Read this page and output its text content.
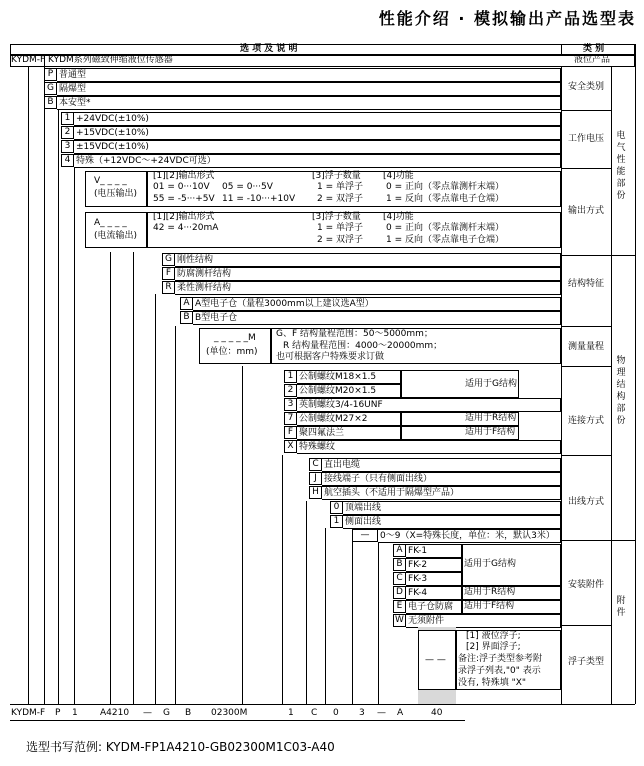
性能介绍 · 模拟输出产品选型表
选 项 及 说 明	类 别
KYDM-F KYDM系列磁致伸缩液位传感器	液位产品
电
气
性
能
部
份
物
理
结
构
部
份
附
件
安全类别
工作电压
输出方式
结构特征
测量量程
连接方式
出线方式
安装附件
浮子类型
P 普通型
G 隔爆型
B 本安型*
1 +24VDC(±10%)
2 +15VDC(±10%)
3 ±15VDC(±10%)
4 特殊（+12VDC～+24VDC可选）
V_ _ _ _
(电压输出)
[1][2]输出形式
01 = 0···10V 05 = 0···5V
55 = -5···+5V 11 = -10···+10V
[3]浮子数量
1 = 单浮子
2 = 双浮子
[4]功能
0 = 正向（零点靠测杆末端）
1 = 反向（零点靠电子仓端）
A_ _ _ _
(电流输出)
[1][2]输出形式
42 = 4···20mA
[3]浮子数量
1 = 单浮子
2 = 双浮子
[4]功能
0 = 正向（零点靠测杆末端）
1 = 反向（零点靠电子仓端）
G 刚性结构
F 防腐测杆结构
R 柔性测杆结构
A A型电子仓（量程3000mm以上建议选A型）
B B型电子仓
_ _ _ _ _M
(单位：mm)
G、F 结构量程范围：50～5000mm；
R 结构量程范围：4000～20000mm；
也可根据客户特殊要求订做
1 公制螺纹M18×1.5
2 公制螺纹M20×1.5
3 英制螺纹3/4-16UNF
7 公制螺纹M27×2
F 聚四氟法兰
X 特殊螺纹
适用于G结构
适用于R结构
适用于F结构
C 直出电缆
J 接线端子（只有侧面出线）
H 航空插头（不适用于隔爆型产品）
0 顶端出线
1 侧面出线
—	0～9（X=特殊长度，单位：米，默认3米）
A FK-1
B FK-2
C FK-3
D FK-4
E 电子仓防腐
W 无须附件
适用于G结构
适用于R结构
适用于F结构
— —
[1] 液位浮子;
[2] 界面浮子;
备注:浮子类型参考附
录浮子列表,"0" 表示
没有, 特殊填 "X"
KYDM-F P 1 A4210 — G B 02300M	1 C 0 3 — A	40
选型书写范例: KYDM-FP1A4210-GB02300M1C03-A40
